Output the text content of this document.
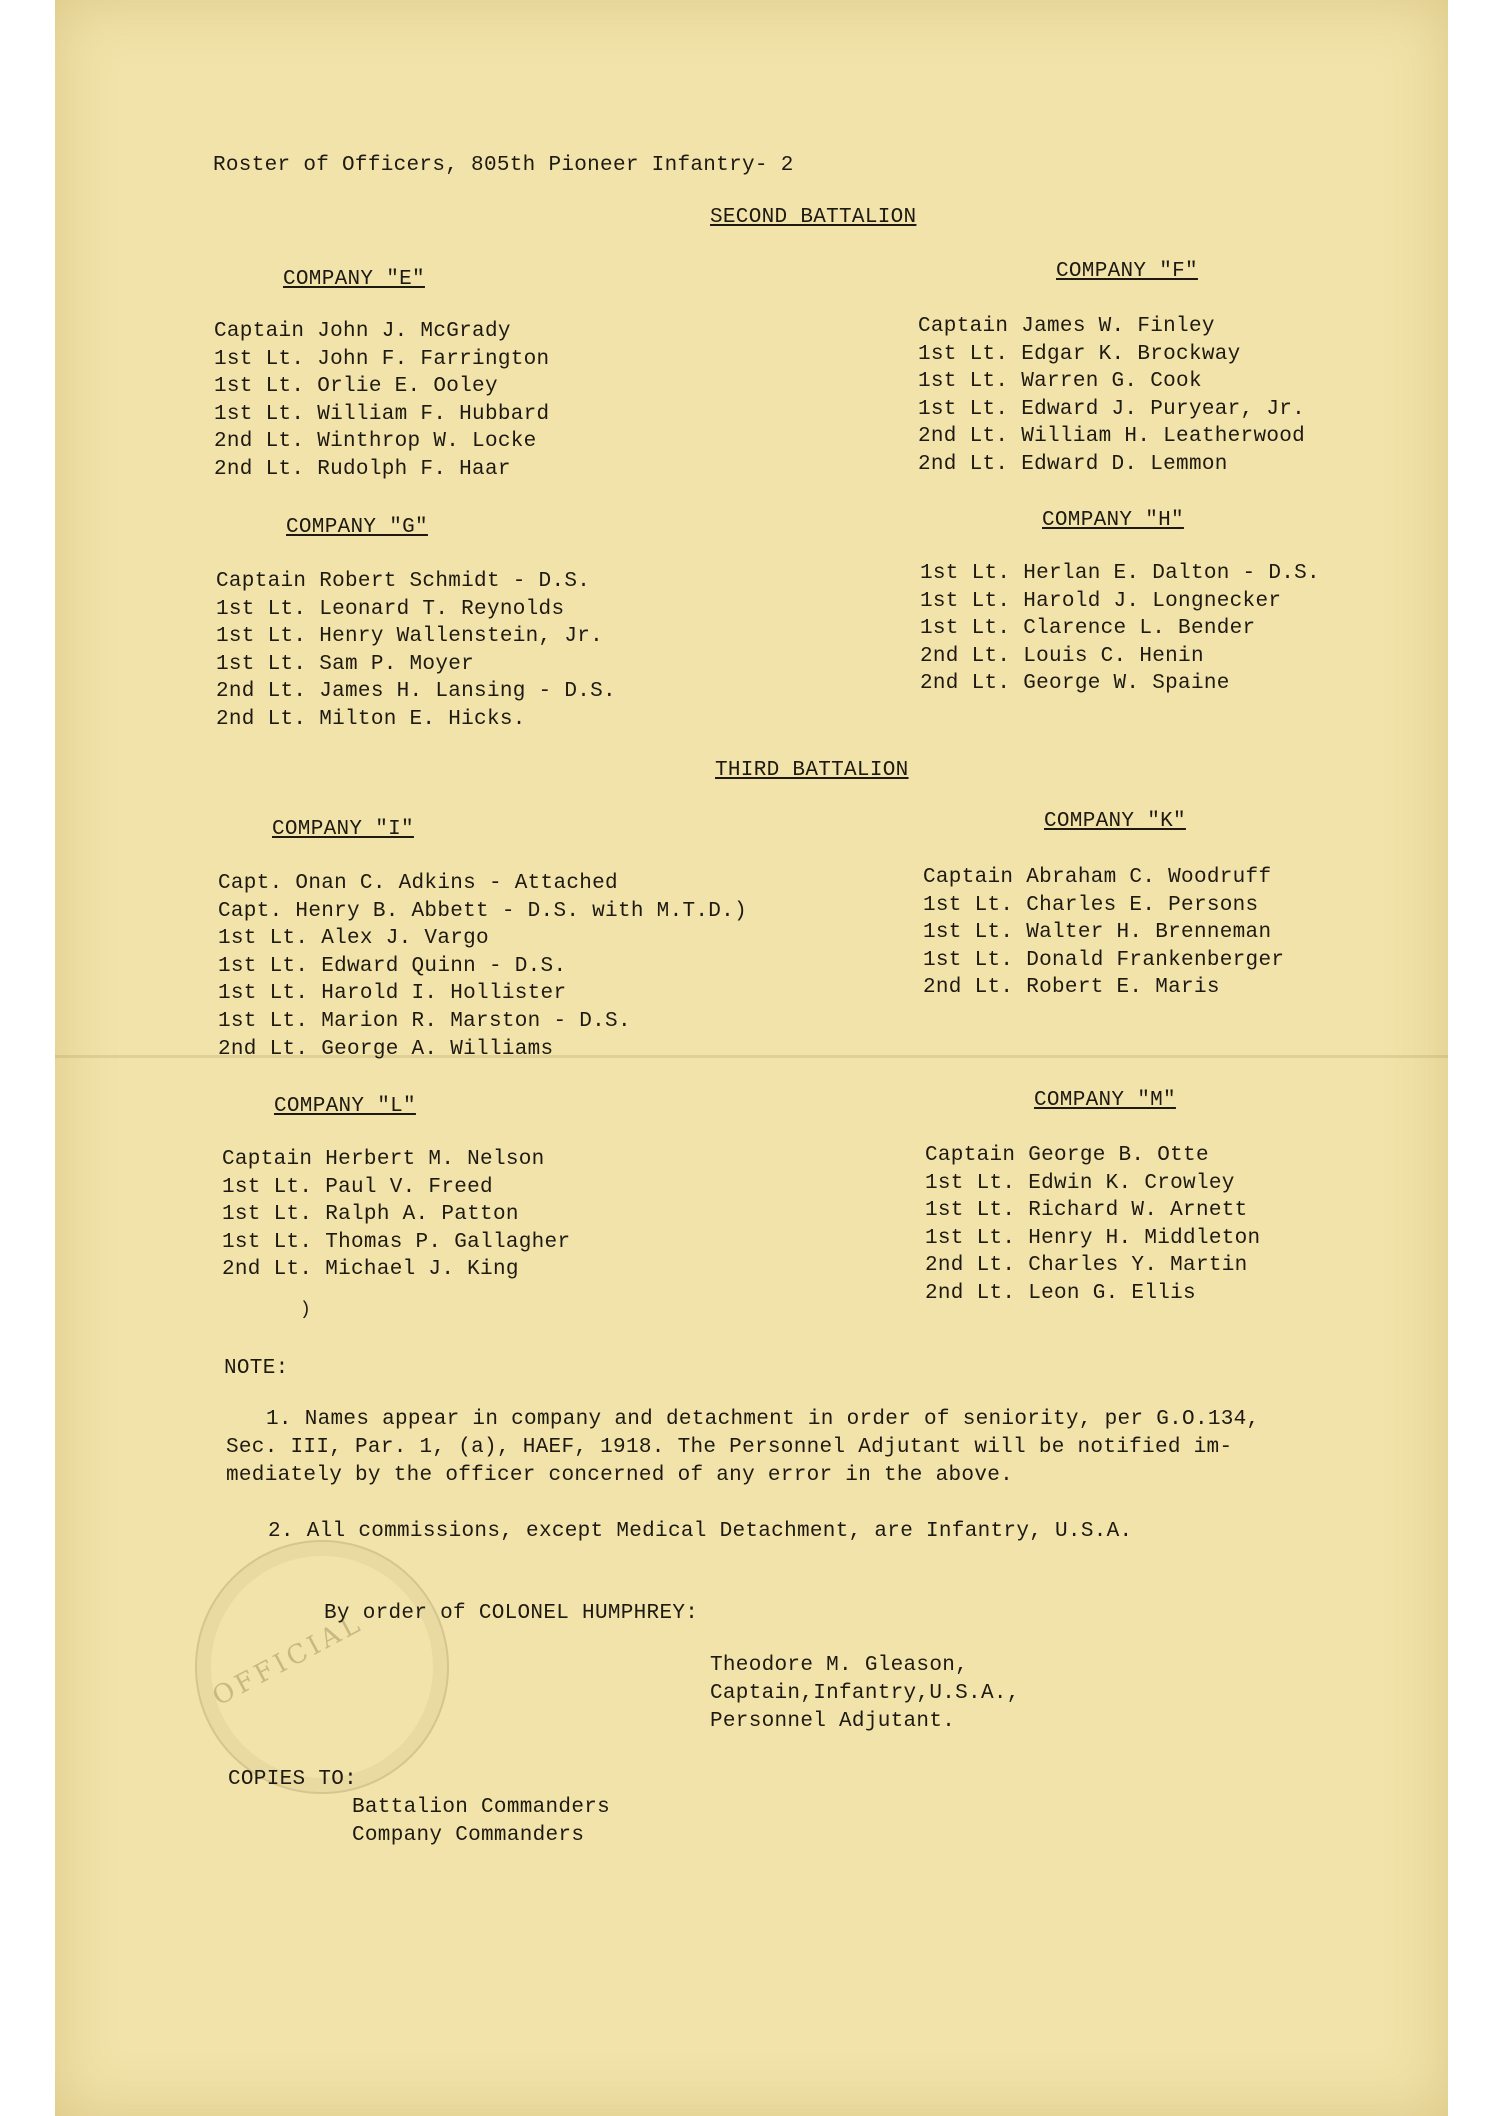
OFFICIAL
Roster of Officers, 805th Pioneer Infantry- 2
SECOND BATTALION
COMPANY "E"
Captain John J. McGrady
1st Lt. John F. Farrington
1st Lt. Orlie E. Ooley
1st Lt. William F. Hubbard
2nd Lt. Winthrop W. Locke
2nd Lt. Rudolph F. Haar
COMPANY "F"
Captain James W. Finley
1st Lt. Edgar K. Brockway
1st Lt. Warren G. Cook
1st Lt. Edward J. Puryear, Jr.
2nd Lt. William H. Leatherwood
2nd Lt. Edward D. Lemmon
COMPANY "G"
Captain Robert Schmidt - D.S.
1st Lt. Leonard T. Reynolds
1st Lt. Henry Wallenstein, Jr.
1st Lt. Sam P. Moyer
2nd Lt. James H. Lansing - D.S.
2nd Lt. Milton E. Hicks.
COMPANY "H"
1st Lt. Herlan E. Dalton - D.S.
1st Lt. Harold J. Longnecker
1st Lt. Clarence L. Bender
2nd Lt. Louis C. Henin
2nd Lt. George W. Spaine
THIRD BATTALION
COMPANY "I"
Capt. Onan C. Adkins - Attached
Capt. Henry B. Abbett - D.S. with M.T.D.)
1st Lt. Alex J. Vargo
1st Lt. Edward Quinn - D.S.
1st Lt. Harold I. Hollister
1st Lt. Marion R. Marston - D.S.
2nd Lt. George A. Williams
COMPANY "K"
Captain Abraham C. Woodruff
1st Lt. Charles E. Persons
1st Lt. Walter H. Brenneman
1st Lt. Donald Frankenberger
2nd Lt. Robert E. Maris
COMPANY "L"
Captain Herbert M. Nelson
1st Lt. Paul V. Freed
1st Lt. Ralph A. Patton
1st Lt. Thomas P. Gallagher
2nd Lt. Michael J. King
)
COMPANY "M"
Captain George B. Otte
1st Lt. Edwin K. Crowley
1st Lt. Richard W. Arnett
1st Lt. Henry H. Middleton
2nd Lt. Charles Y. Martin
2nd Lt. Leon G. Ellis
NOTE:
1. Names appear in company and detachment in order of seniority, per G.O.134,
Sec. III, Par. 1, (a), HAEF, 1918. The Personnel Adjutant will be notified im-
mediately by the officer concerned of any error in the above.
2. All commissions, except Medical Detachment, are Infantry, U.S.A.
By order of COLONEL HUMPHREY:
Theodore M. Gleason,
Captain,Infantry,U.S.A.,
Personnel Adjutant.
COPIES TO:
Battalion Commanders
Company Commanders
